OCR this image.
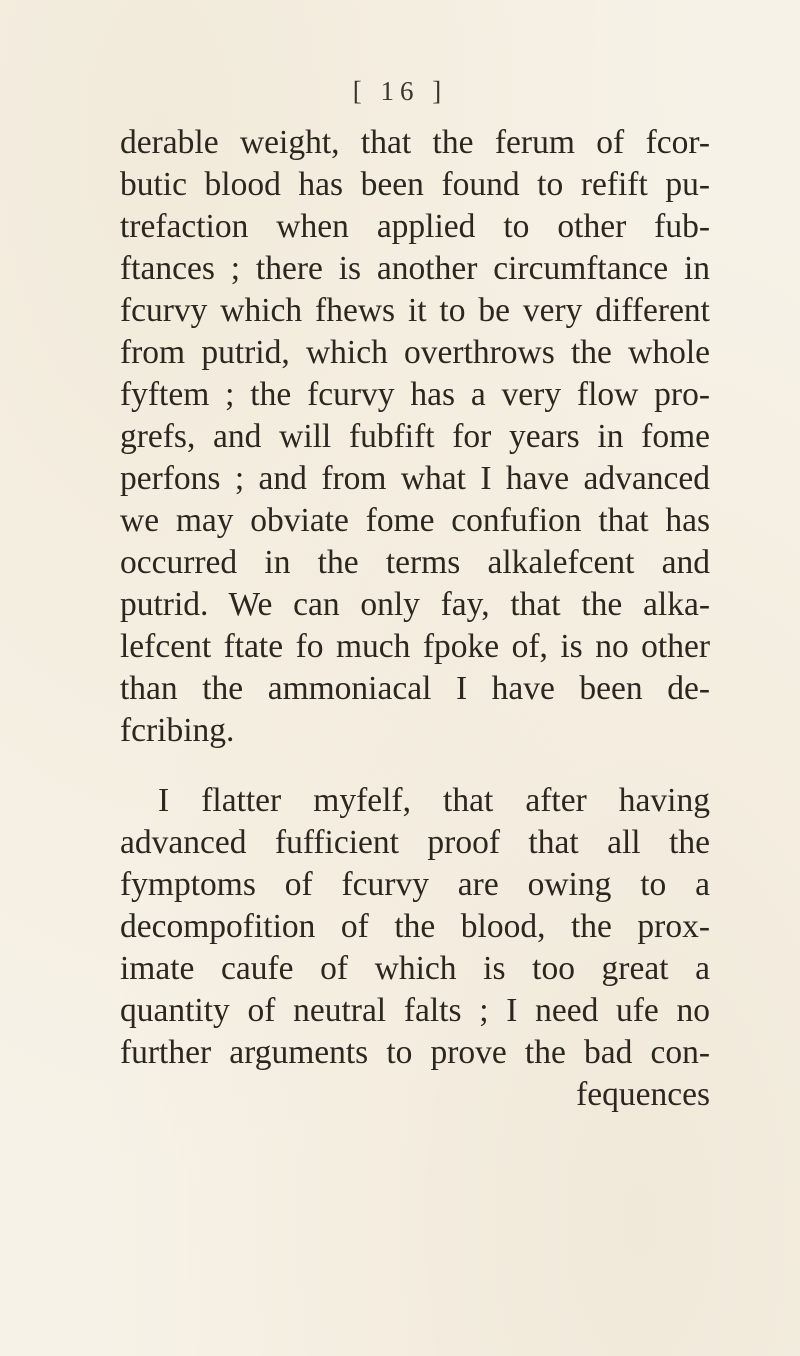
[ 16 ]
derable weight, that the ferum of fcor-
butic blood has been found to refift pu-
trefaction when applied to other fub-
ftances ; there is another circumftance in
fcurvy which fhews it to be very different
from putrid, which overthrows the whole
fyftem ; the fcurvy has a very flow pro-
grefs, and will fubfift for years in fome
perfons ; and from what I have advanced
we may obviate fome confufion that has
occurred in the terms alkalefcent and
putrid. We can only fay, that the alka-
lefcent ftate fo much fpoke of, is no other
than the ammoniacal I have been de-
fcribing.
I flatter myfelf, that after having
advanced fufficient proof that all the
fymptoms of fcurvy are owing to a
decompofition of the blood, the prox-
imate caufe of which is too great a
quantity of neutral falts ; I need ufe no
further arguments to prove the bad con-
fequences
